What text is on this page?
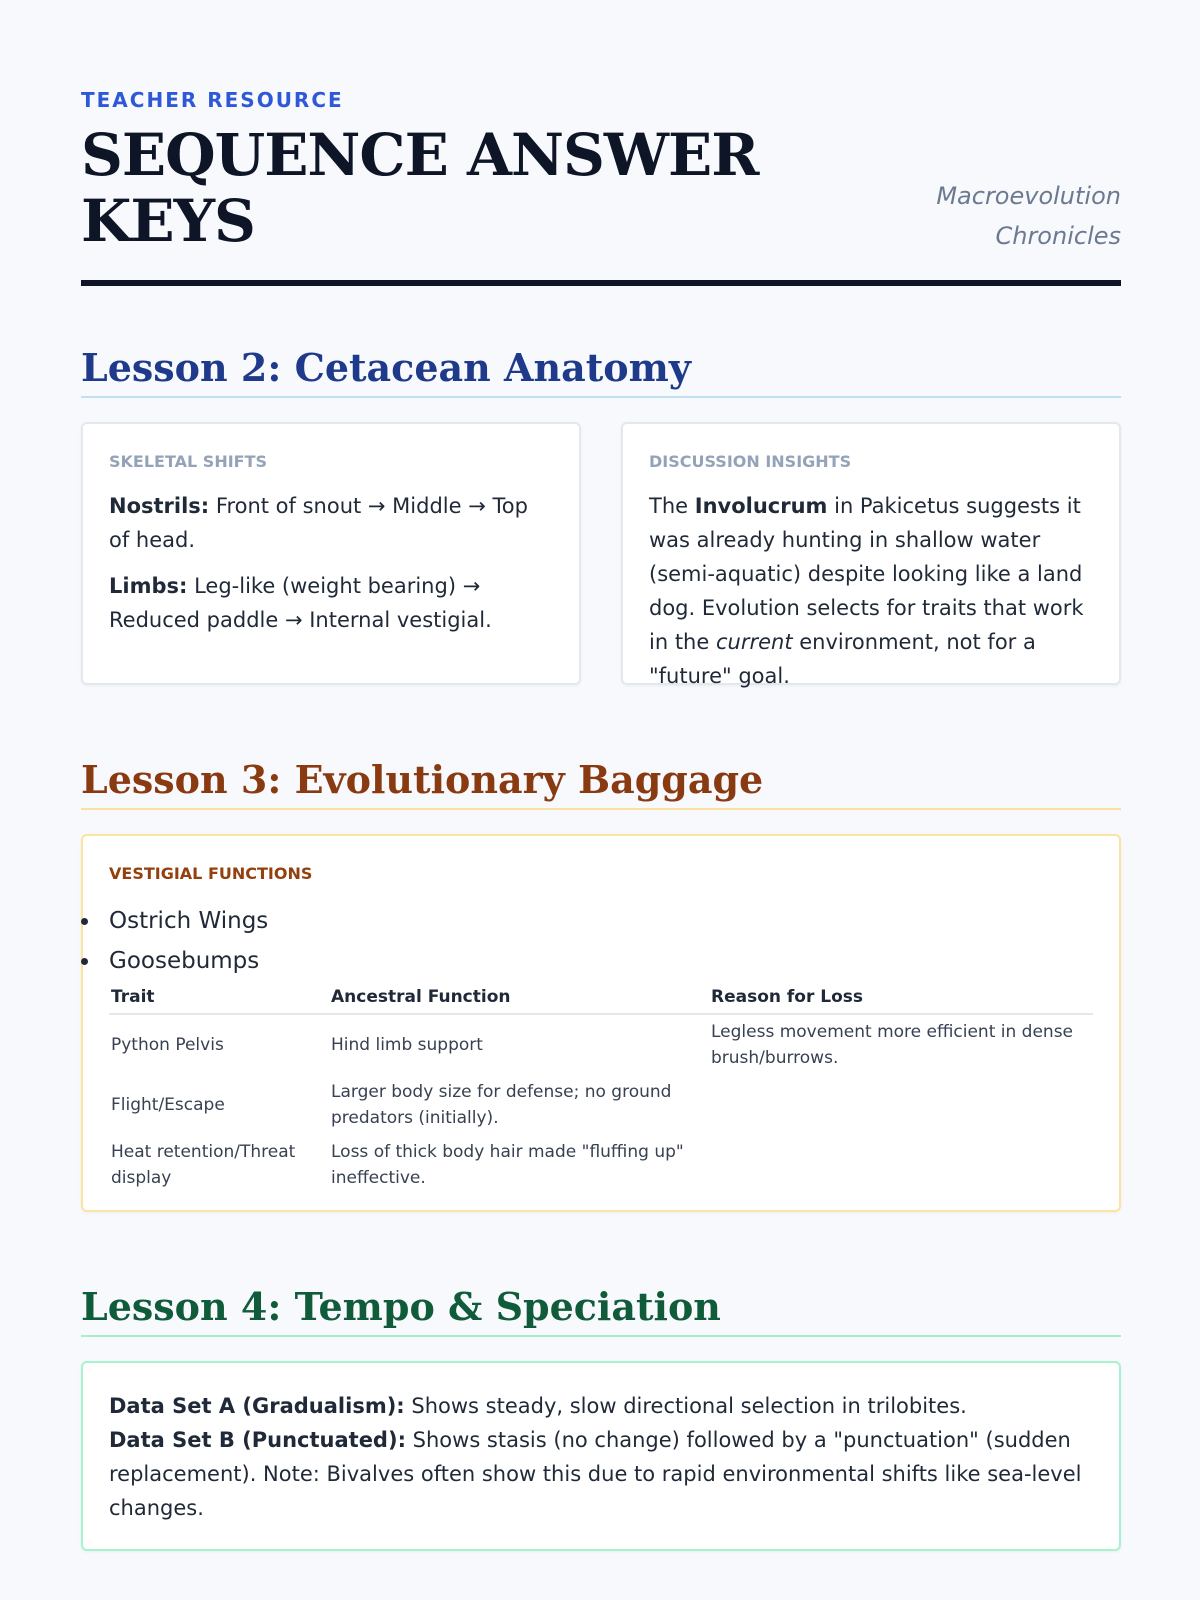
TEACHER RESOURCE
SEQUENCE ANSWER KEYS	Macroevolution
Chronicles
Lesson 2: Cetacean Anatomy
SKELETAL SHIFTS
Nostrils: Front of snout → Middle → Top of head.
Limbs: Leg-like (weight bearing) → Reduced paddle → Internal vestigial.
DISCUSSION INSIGHTS
The Involucrum in Pakicetus suggests it was already hunting in shallow water (semi-aquatic) despite looking like a land dog. Evolution selects for traits that work in the current environment, not for a "future" goal.
Lesson 3: Evolutionary Baggage
VESTIGIAL FUNCTIONS
Ostrich Wings
Goosebumps
Trait	Ancestral Function	Reason for Loss
Python Pelvis	Hind limb support	Legless movement more efficient in dense brush/burrows.
Flight/Escape	Larger body size for defense; no ground predators (initially).	
Heat retention/Threat display	Loss of thick body hair made "fluffing up" ineffective.	
Lesson 4: Tempo & Speciation
Data Set A (Gradualism): Shows steady, slow directional selection in trilobites.
Data Set B (Punctuated): Shows stasis (no change) followed by a "punctuation" (sudden replacement). Note: Bivalves often show this due to rapid environmental shifts like sea-level changes.
